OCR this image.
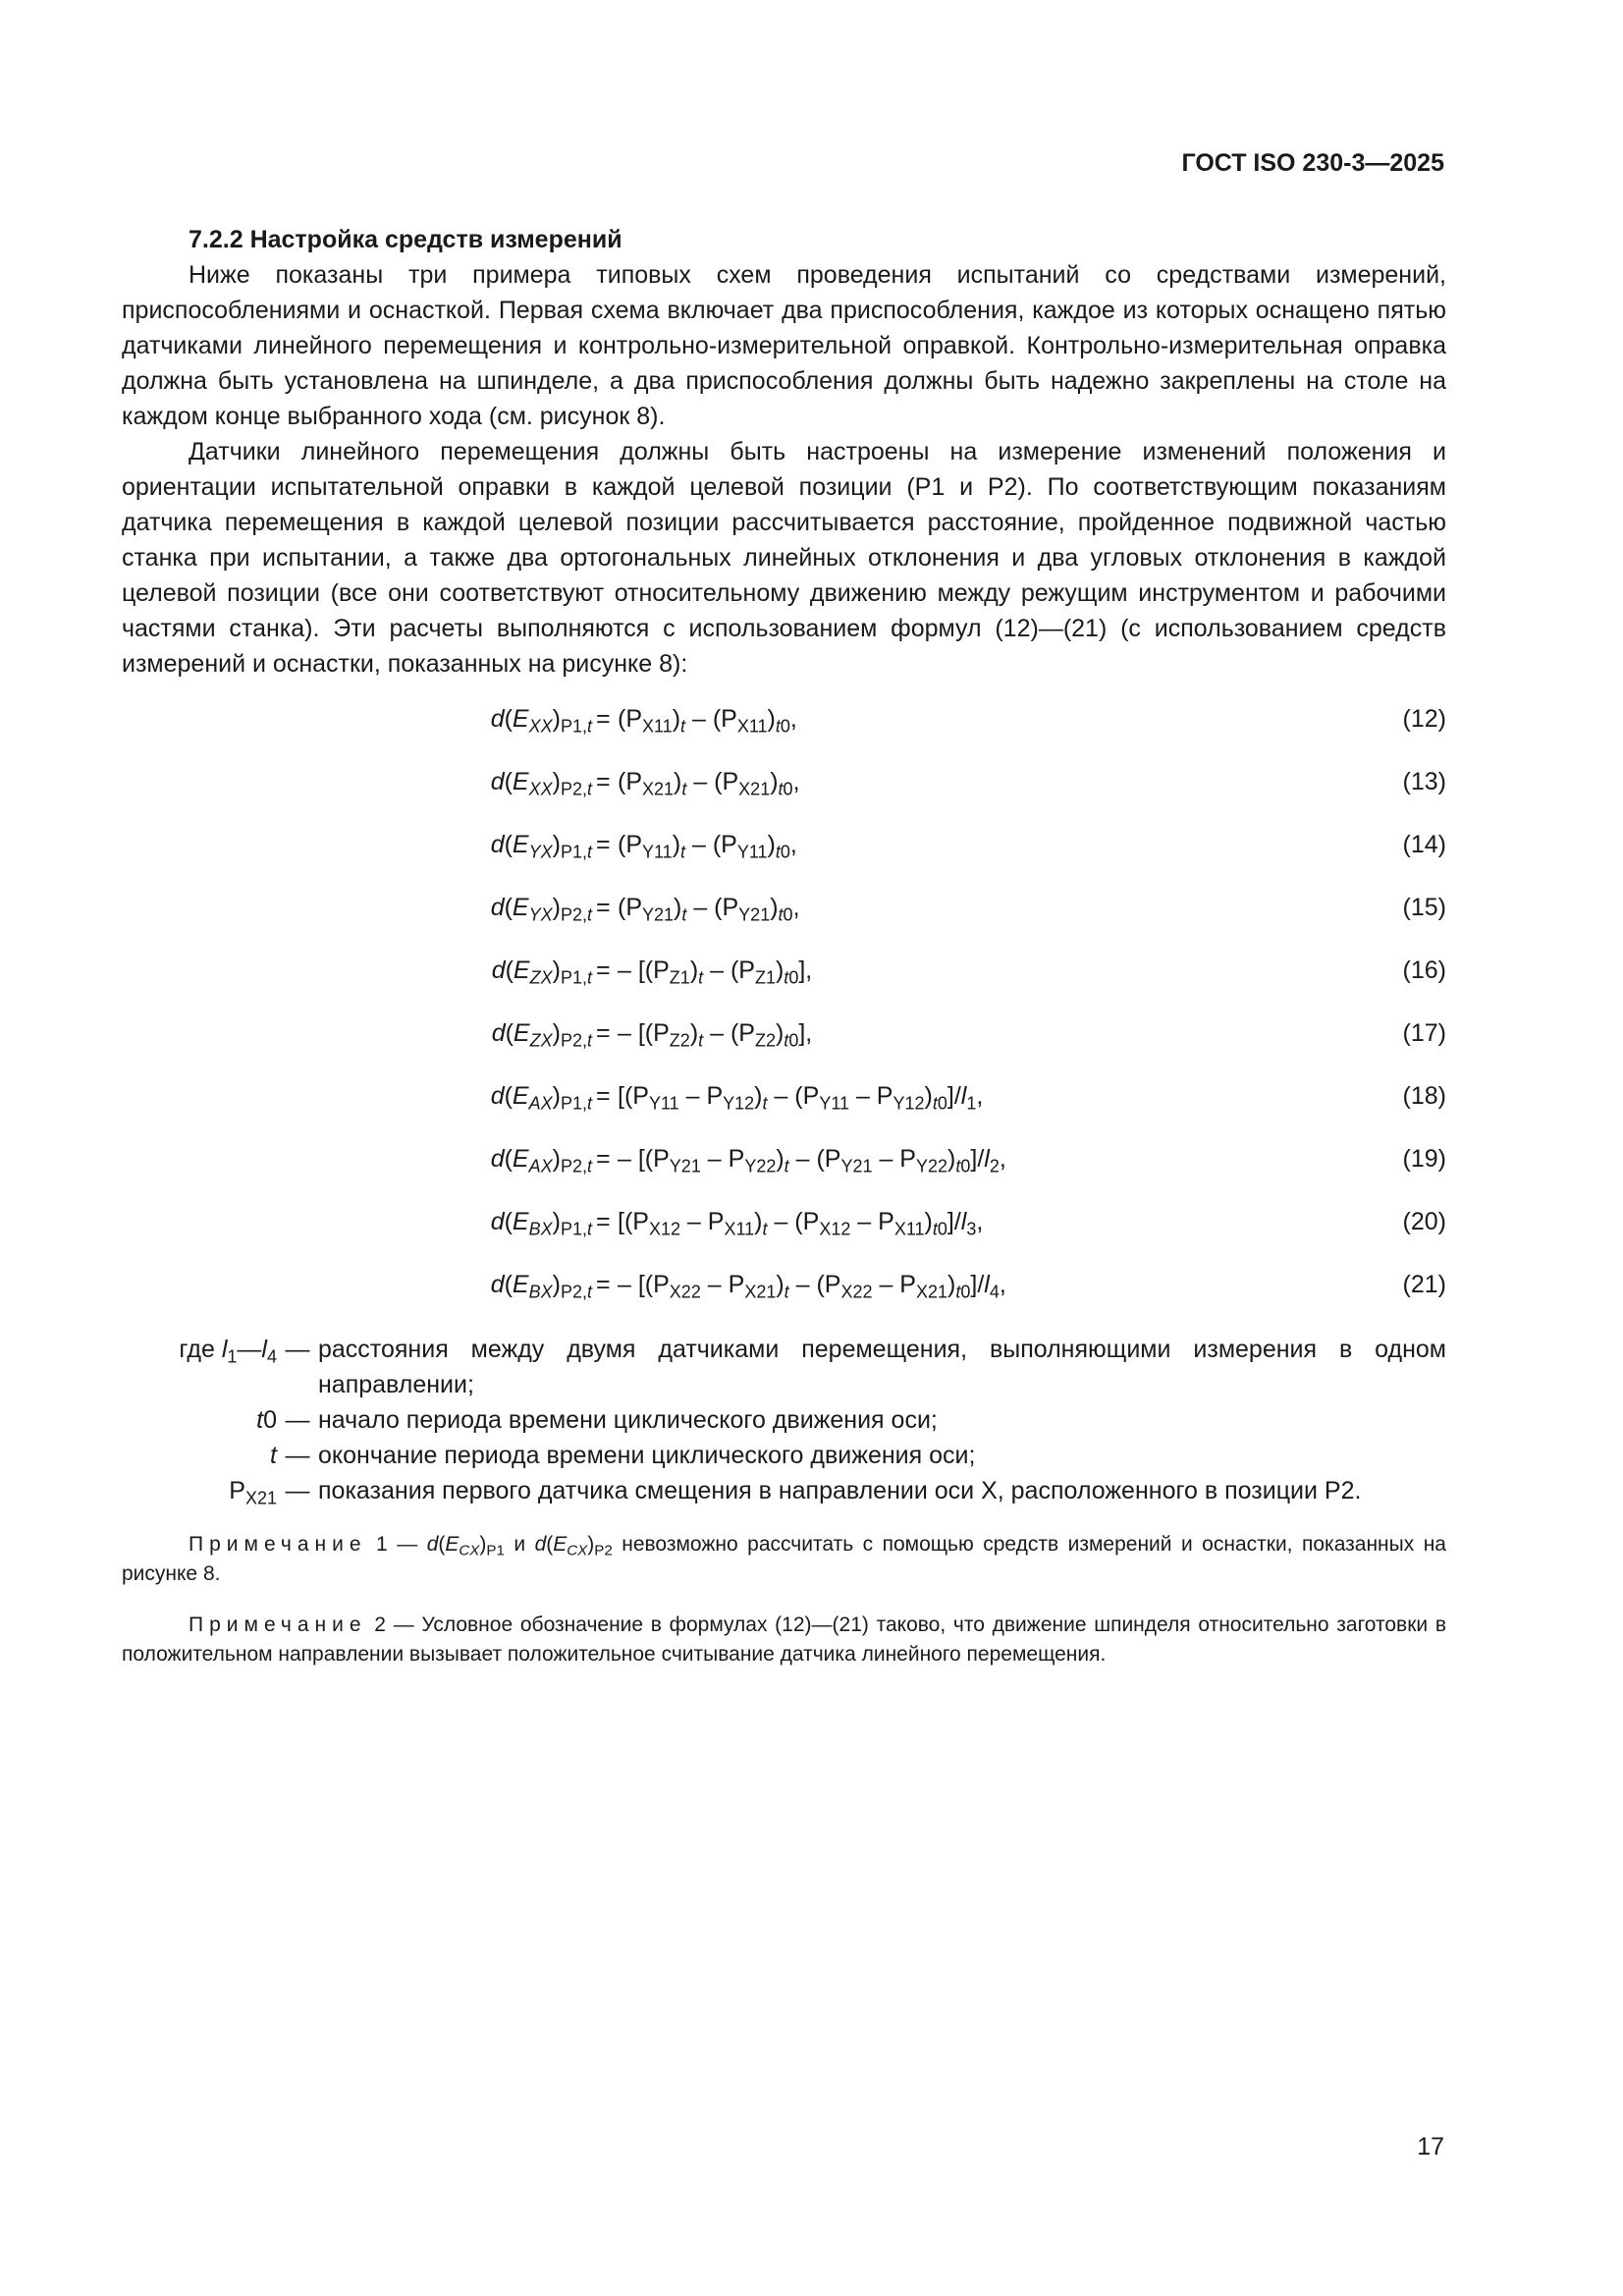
ГОСТ ISO 230-3—2025
7.2.2 Настройка средств измерений

Ниже показаны три примера типовых схем проведения испытаний со средствами измерений, приспособлениями и оснасткой. Первая схема включает два приспособления, каждое из которых оснащено пятью датчиками линейного перемещения и контрольно-измерительной оправкой. Контрольно-измерительная оправка должна быть установлена на шпинделе, а два приспособления должны быть надежно закреплены на столе на каждом конце выбранного хода (см. рисунок 8).

Датчики линейного перемещения должны быть настроены на измерение изменений положения и ориентации испытательной оправки в каждой целевой позиции (P1 и P2). По соответствующим показаниям датчика перемещения в каждой целевой позиции рассчитывается расстояние, пройденное подвижной частью станка при испытании, а также два ортогональных линейных отклонения и два угловых отклонения в каждой целевой позиции (все они соответствуют относительному движению между режущим инструментом и рабочими частями станка). Эти расчеты выполняются с использованием формул (12)—(21) (с использованием средств измерений и оснастки, показанных на рисунке 8):

$d(E_{XX})_{P1,t} = (P_{X11})_t - (P_{X11})_{t0}$,	(12)
$d(E_{XX})_{P2,t} = (P_{X21})_t - (P_{X21})_{t0}$,	(13)
$d(E_{YX})_{P1,t} = (P_{Y11})_t - (P_{Y11})_{t0}$,	(14)
$d(E_{YX})_{P2,t} = (P_{Y21})_t - (P_{Y21})_{t0}$,	(15)
$d(E_{ZX})_{P1,t}$ = – $[(P_{Z1})_t - (P_{Z1})_{t0}]$,	(16)
$d(E_{ZX})_{P2,t}$ = – $[(P_{Z2})_t - (P_{Z2})_{t0}]$,	(17)
$d(E_{AX})_{P1,t} = [(P_{Y11} - P_{Y12})_t - (P_{Y11} - P_{Y12})_{t0}]/l_1$,	(18)
$d(E_{AX})_{P2,t}$ = – $[(P_{Y21} - P_{Y22})_t - (P_{Y21} - P_{Y22})_{t0}]/l_2$,	(19)
$d(E_{BX})_{P1,t} = [(P_{X12} - P_{X11})_t - (P_{X12} - P_{X11})_{t0}]/l_3$,	(20)
$d(E_{BX})_{P2,t}$ = – $[(P_{X22} - P_{X21})_t - (P_{X22} - P_{X21})_{t0}]/l_4$,	(21)
где $l_1—l_4$ — расстояния между двумя датчиками перемещения, выполняющими измерения в одном направлении;
t0 — начало периода времени циклического движения оси;
t — окончание периода времени циклического движения оси;
$P_{X21}$ — показания первого датчика смещения в направлении оси X, расположенного в позиции P2.
Примечание 1 — $d(E_{CX})_{P1}$ и $d(E_{CX})_{P2}$ невозможно рассчитать с помощью средств измерений и оснастки, показанных на рисунке 8.
Примечание 2 — Условное обозначение в формулах (12)—(21) таково, что движение шпинделя относительно заготовки в положительном направлении вызывает положительное считывание датчика линейного перемещения.
17
